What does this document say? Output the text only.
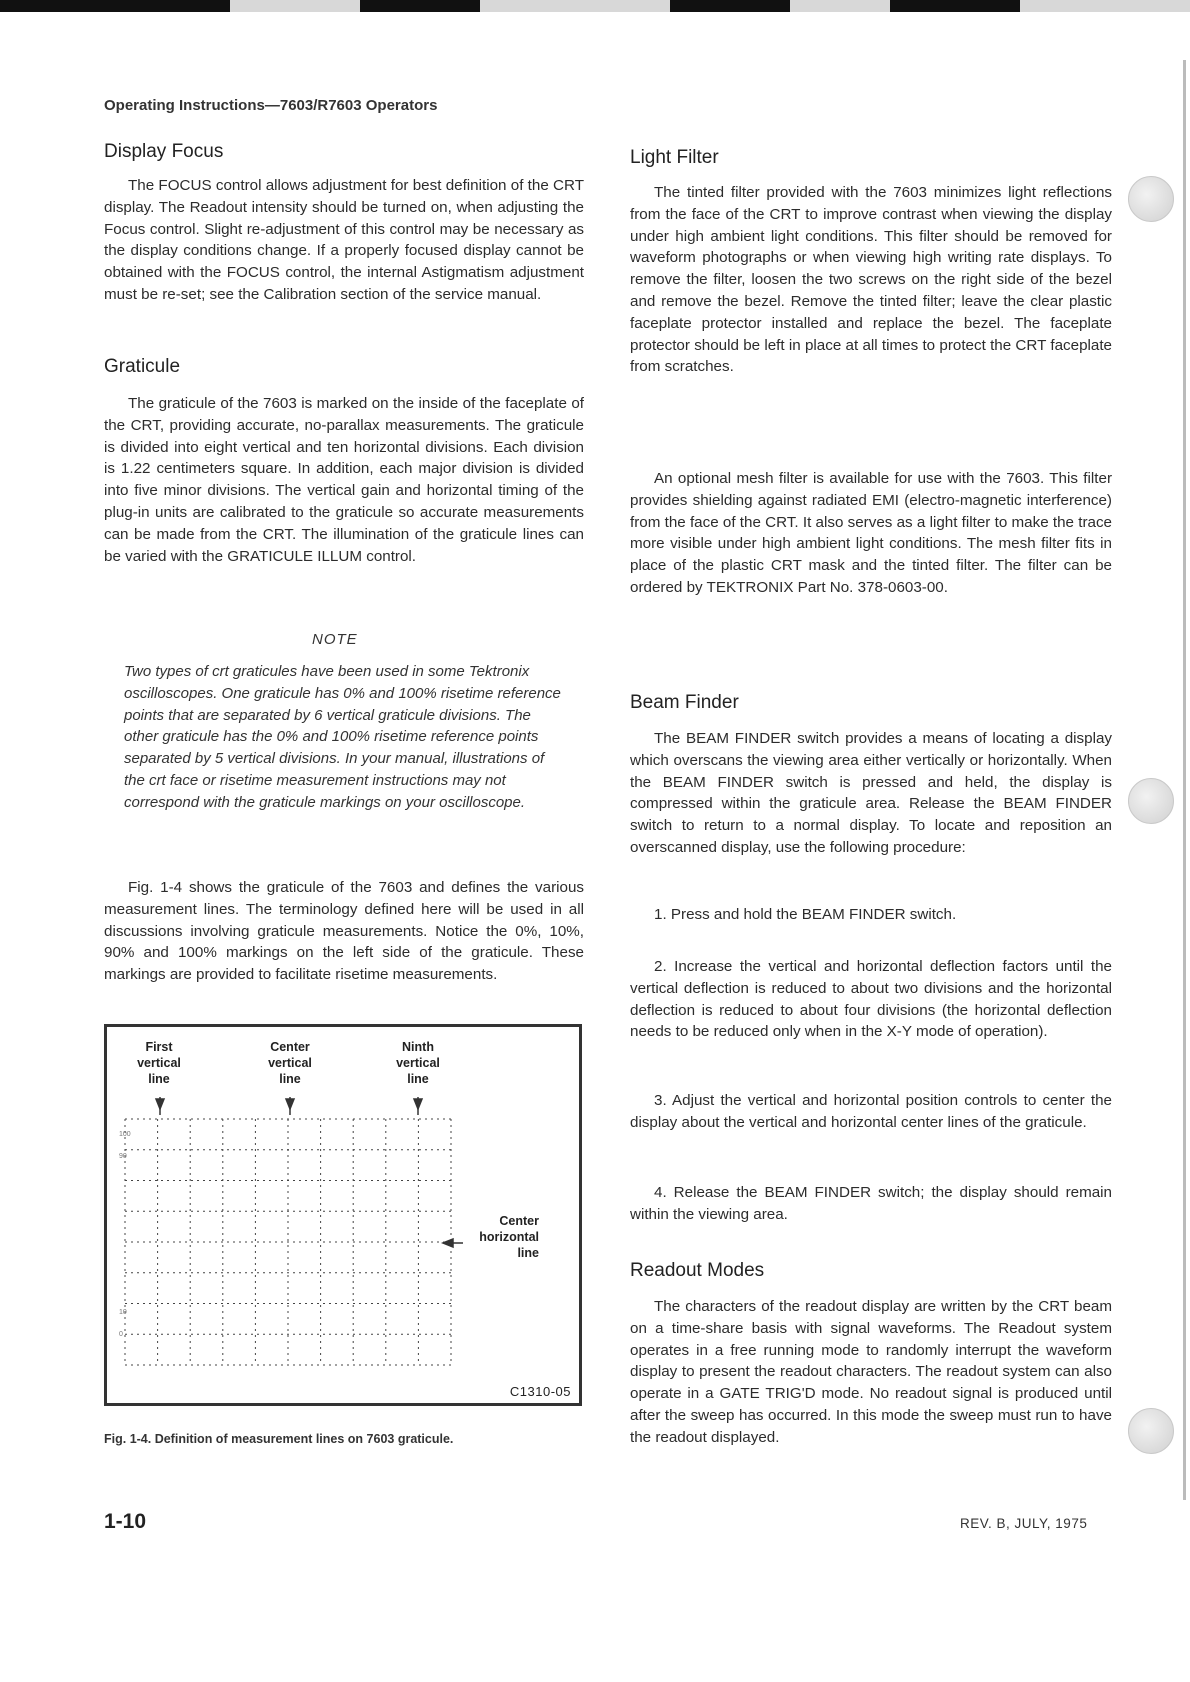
Operating Instructions—7603/R7603 Operators
Display Focus

The FOCUS control allows adjustment for best definition of the CRT display. The Readout intensity should be turned on, when adjusting the Focus control. Slight re-adjustment of this control may be necessary as the display conditions change. If a properly focused display cannot be obtained with the FOCUS control, the internal Astigmatism adjustment must be re-set; see the Calibration section of the service manual.

Graticule

The graticule of the 7603 is marked on the inside of the faceplate of the CRT, providing accurate, no-parallax measurements. The graticule is divided into eight vertical and ten horizontal divisions. Each division is 1.22 centimeters square. In addition, each major division is divided into five minor divisions. The vertical gain and horizontal timing of the plug-in units are calibrated to the graticule so accurate measurements can be made from the CRT. The illumination of the graticule lines can be varied with the GRATICULE ILLUM control.

NOTE

Two types of crt graticules have been used in some Tektronix oscilloscopes. One graticule has 0% and 100% risetime reference points that are separated by 6 vertical graticule divisions. The other graticule has the 0% and 100% risetime reference points separated by 5 vertical divisions. In your manual, illustrations of the crt face or risetime measurement instructions may not correspond with the graticule markings on your oscilloscope.

Fig. 1-4 shows the graticule of the 7603 and defines the various measurement lines. The terminology defined here will be used in all discussions involving graticule measurements. Notice the 0%, 10%, 90% and 100% markings on the left side of the graticule. These markings are provided to facilitate risetime measurements.

First vertical line
Center vertical line
Ninth vertical line
Center horizontal line
100
90
10
0
C1310-05
Fig. 1-4. Definition of measurement lines on 7603 graticule.
Light Filter

The tinted filter provided with the 7603 minimizes light reflections from the face of the CRT to improve contrast when viewing the display under high ambient light conditions. This filter should be removed for waveform photographs or when viewing high writing rate displays. To remove the filter, loosen the two screws on the right side of the bezel and remove the bezel. Remove the tinted filter; leave the clear plastic faceplate protector installed and replace the bezel. The faceplate protector should be left in place at all times to protect the CRT faceplate from scratches.

An optional mesh filter is available for use with the 7603. This filter provides shielding against radiated EMI (electro-magnetic interference) from the face of the CRT. It also serves as a light filter to make the trace more visible under high ambient light conditions. The mesh filter fits in place of the plastic CRT mask and the tinted filter. The filter can be ordered by TEKTRONIX Part No. 378-0603-00.

Beam Finder

The BEAM FINDER switch provides a means of locating a display which overscans the viewing area either vertically or horizontally. When the BEAM FINDER switch is pressed and held, the display is compressed within the graticule area. Release the BEAM FINDER switch to return to a normal display. To locate and reposition an overscanned display, use the following procedure:

1. Press and hold the BEAM FINDER switch.

2. Increase the vertical and horizontal deflection factors until the vertical deflection is reduced to about two divisions and the horizontal deflection is reduced to about four divisions (the horizontal deflection needs to be reduced only when in the X-Y mode of operation).

3. Adjust the vertical and horizontal position controls to center the display about the vertical and horizontal center lines of the graticule.

4. Release the BEAM FINDER switch; the display should remain within the viewing area.

Readout Modes

The characters of the readout display are written by the CRT beam on a time-share basis with signal waveforms. The Readout system operates in a free running mode to randomly interrupt the waveform display to present the readout characters. The readout system can also operate in a GATE TRIG'D mode. No readout signal is produced until after the sweep has occurred. In this mode the sweep must run to have the readout displayed.

1-10	REV. B, JULY, 1975
